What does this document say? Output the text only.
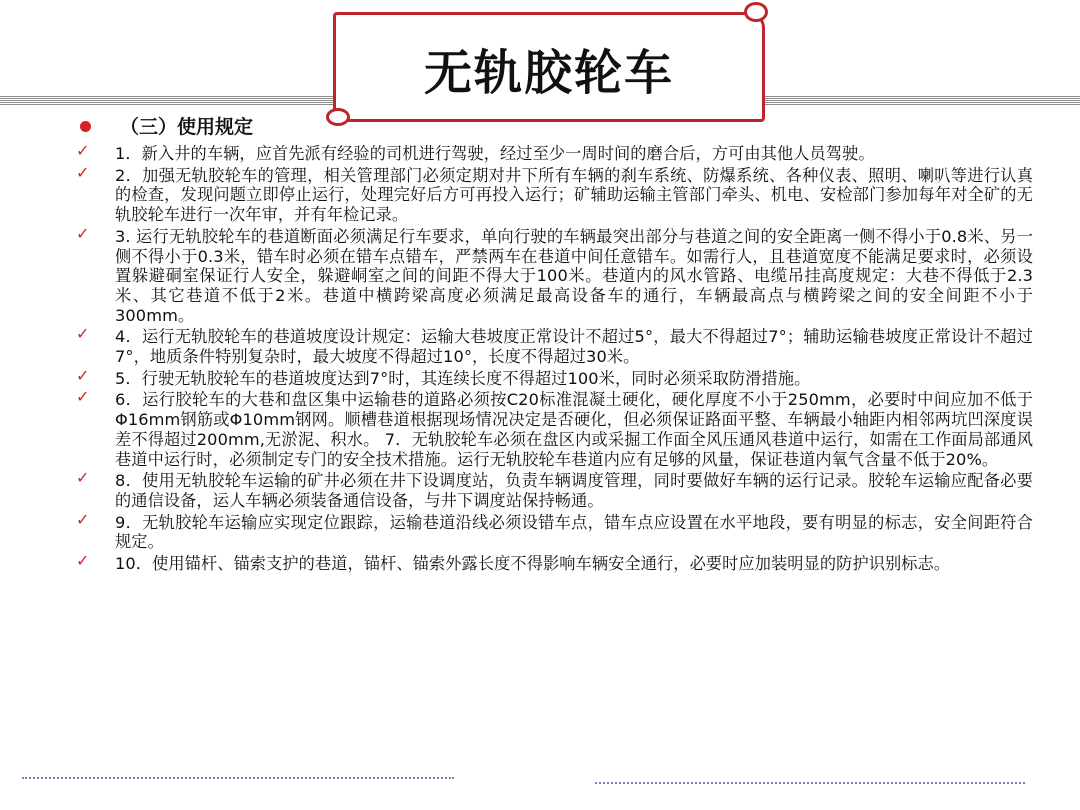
无轨胶轮车
（三）使用规定
✓ 1．新入井的车辆，应首先派有经验的司机进行驾驶，经过至少一周时间的磨合后，方可由其他人员驾驶。
✓ 2．加强无轨胶轮车的管理，相关管理部门必须定期对井下所有车辆的刹车系统、防爆系统、各种仪表、照明、喇叭等进行认真的检查，发现问题立即停止运行，处理完好后方可再投入运行；矿辅助运输主管部门牵头、机电、安检部门参加每年对全矿的无轨胶轮车进行一次年审，并有年检记录。
✓ 3. 运行无轨胶轮车的巷道断面必须满足行车要求，单向行驶的车辆最突出部分与巷道之间的安全距离一侧不得小于0.8米、另一侧不得小于0.3米，错车时必须在错车点错车，严禁两车在巷道中间任意错车。如需行人，且巷道宽度不能满足要求时，必须设置躲避硐室保证行人安全，躲避峒室之间的间距不得大于100米。巷道内的风水管路、电缆吊挂高度规定：大巷不得低于2.3米、其它巷道不低于2米。巷道中横跨梁高度必须满足最高设备车的通行，车辆最高点与横跨梁之间的安全间距不小于300mm。
✓ 4．运行无轨胶轮车的巷道坡度设计规定：运输大巷坡度正常设计不超过5°，最大不得超过7°；辅助运输巷坡度正常设计不超过7°，地质条件特别复杂时，最大坡度不得超过10°，长度不得超过30米。
✓ 5．行驶无轨胶轮车的巷道坡度达到7°时，其连续长度不得超过100米，同时必须采取防滑措施。
✓ 6．运行胶轮车的大巷和盘区集中运输巷的道路必须按C20标准混凝土硬化，硬化厚度不小于250mm，必要时中间应加不低于Φ16mm钢筋或Φ10mm钢网。顺槽巷道根据现场情况决定是否硬化，但必须保证路面平整、车辆最小轴距内相邻两坑凹深度误差不得超过200mm,无淤泥、积水。 7．无轨胶轮车必须在盘区内或采掘工作面全风压通风巷道中运行，如需在工作面局部通风巷道中运行时，必须制定专门的安全技术措施。运行无轨胶轮车巷道内应有足够的风量，保证巷道内氧气含量不低于20%。
✓ 8．使用无轨胶轮车运输的矿井必须在井下设调度站，负责车辆调度管理，同时要做好车辆的运行记录。胶轮车运输应配备必要的通信设备，运人车辆必须装备通信设备，与井下调度站保持畅通。
✓ 9．无轨胶轮车运输应实现定位跟踪，运输巷道沿线必须设错车点，错车点应设置在水平地段，要有明显的标志，安全间距符合规定。
✓ 10．使用锚杆、锚索支护的巷道，锚杆、锚索外露长度不得影响车辆安全通行，必要时应加装明显的防护识别标志。
